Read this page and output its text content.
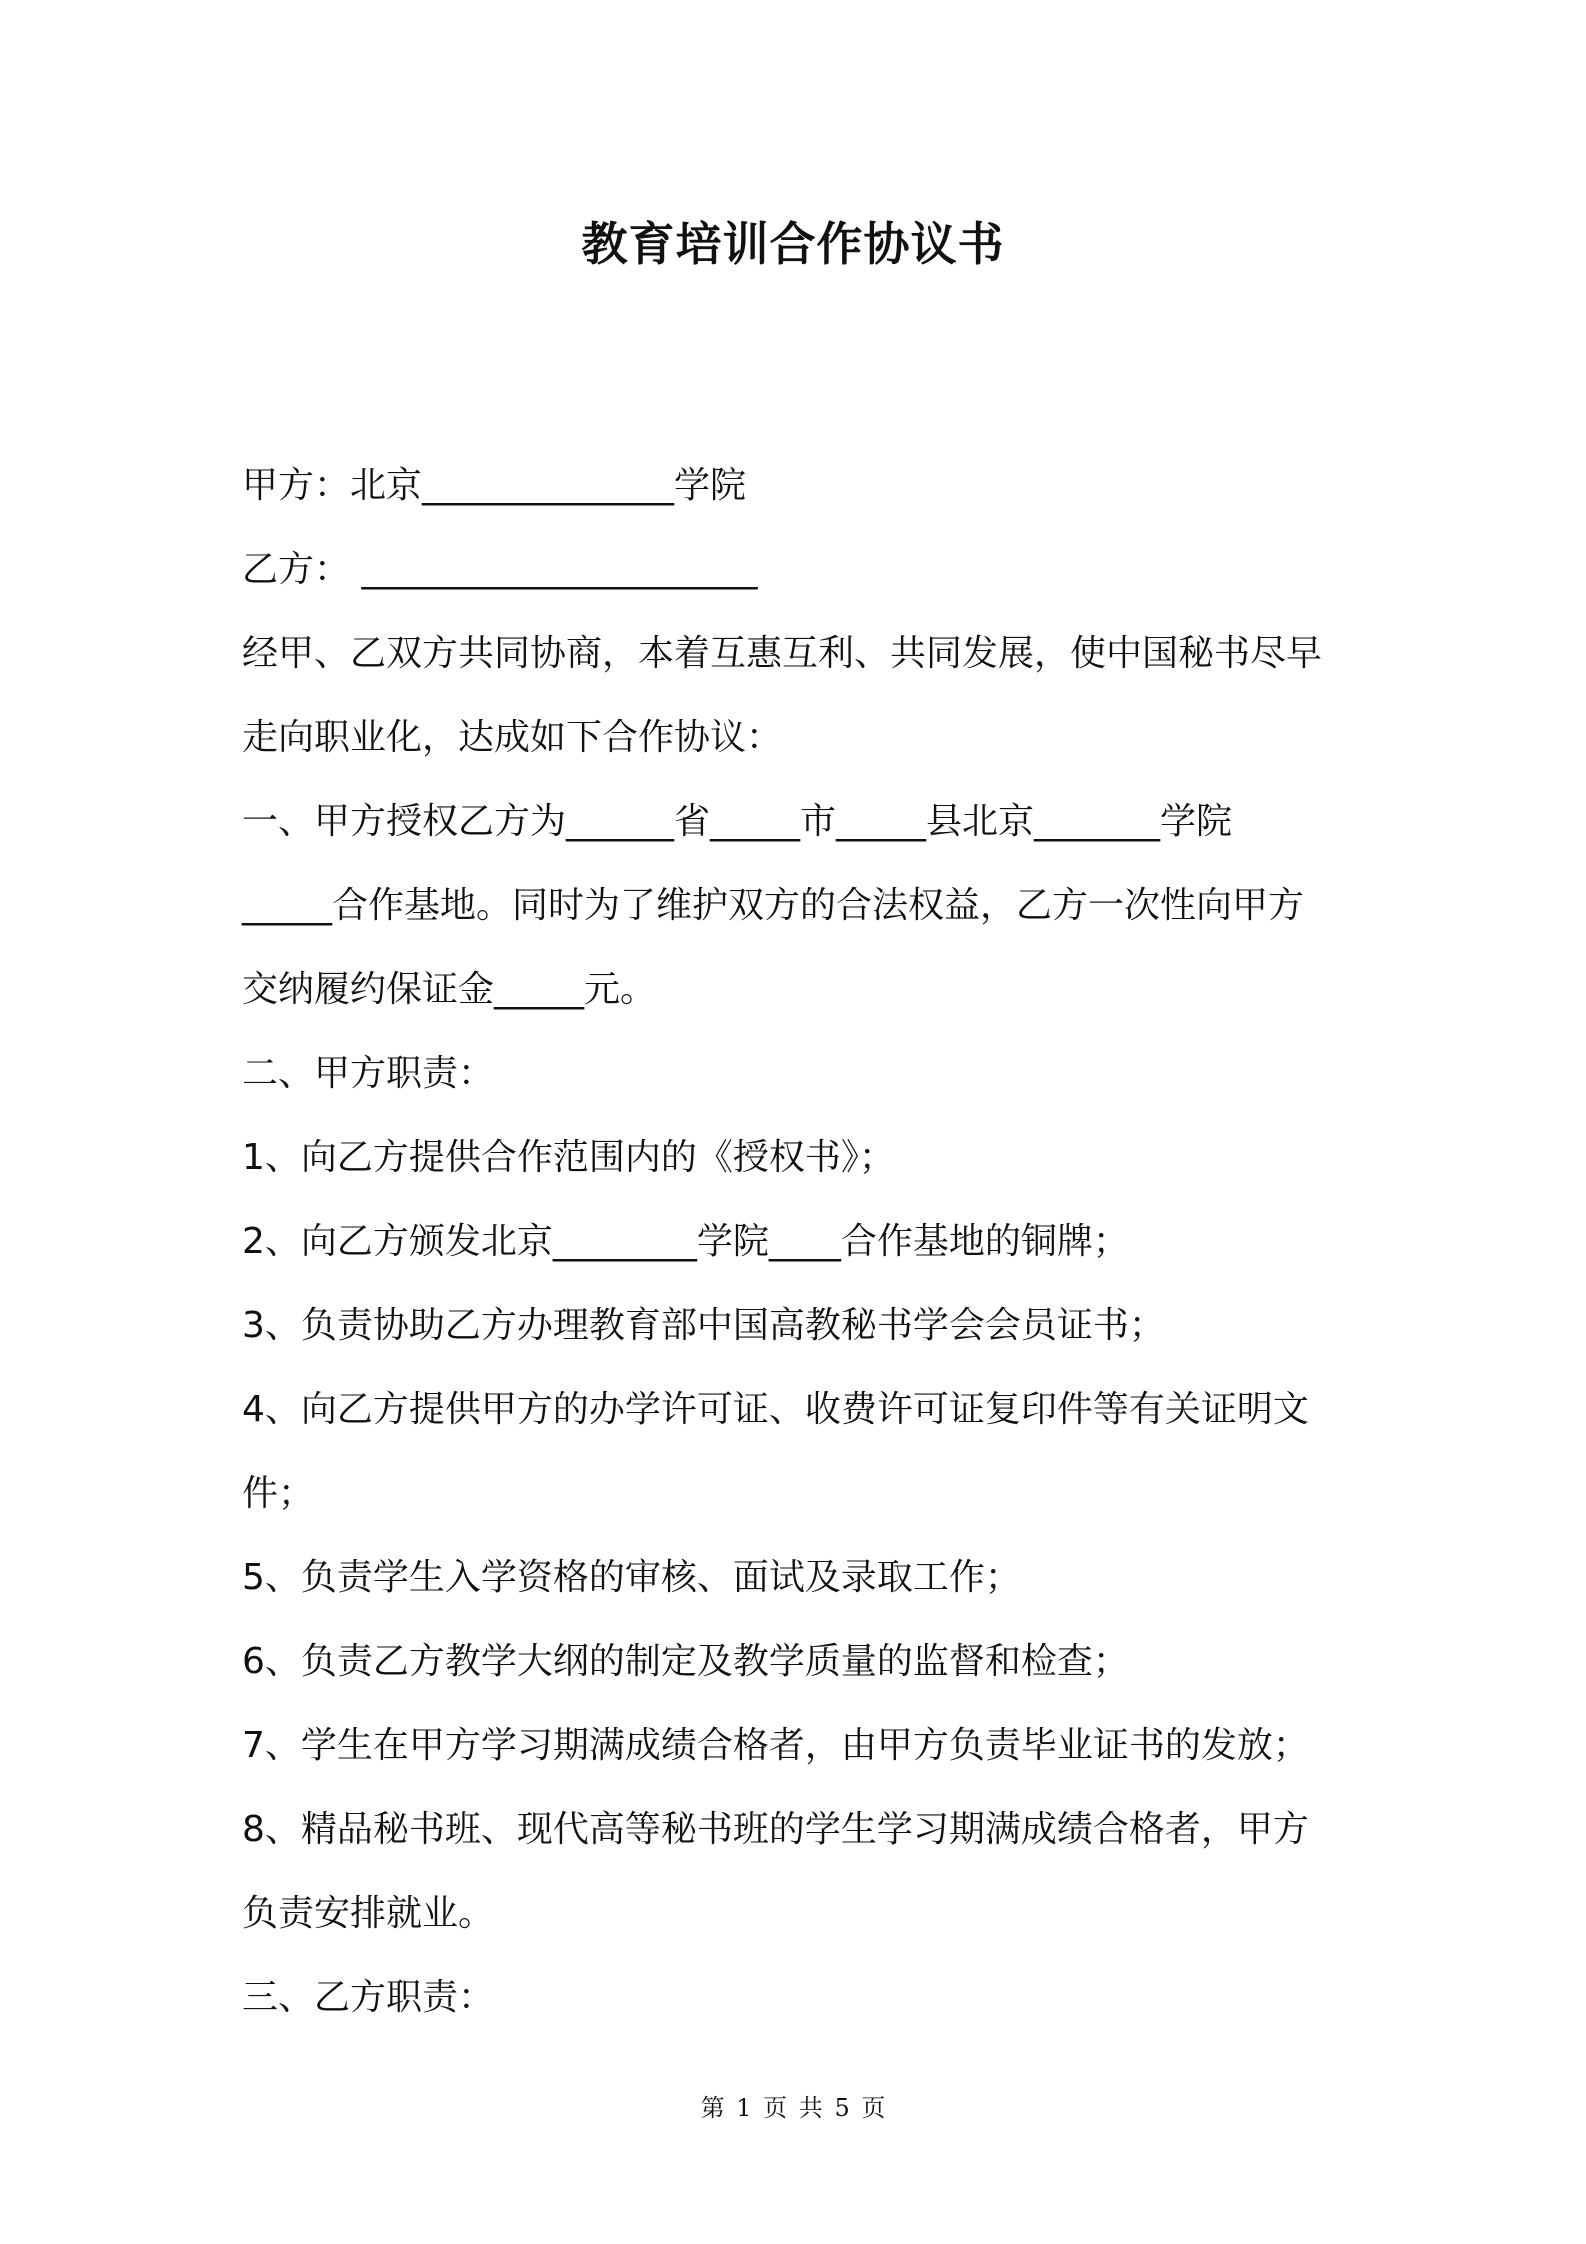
教育培训合作协议书
甲方：北京______________学院
乙方： ______________________
经甲、乙双方共同协商，本着互惠互利、共同发展，使中国秘书尽早
走向职业化，达成如下合作协议：
一、甲方授权乙方为______省_____市_____县北京_______学院
_____合作基地。同时为了维护双方的合法权益，乙方一次性向甲方
交纳履约保证金_____元。
二、甲方职责：
1、向乙方提供合作范围内的《授权书》；
2、向乙方颁发北京________学院____合作基地的铜牌；
3、负责协助乙方办理教育部中国高教秘书学会会员证书；
4、向乙方提供甲方的办学许可证、收费许可证复印件等有关证明文
件；
5、负责学生入学资格的审核、面试及录取工作；
6、负责乙方教学大纲的制定及教学质量的监督和检查；
7、学生在甲方学习期满成绩合格者，由甲方负责毕业证书的发放；
8、精品秘书班、现代高等秘书班的学生学习期满成绩合格者，甲方
负责安排就业。
三、乙方职责：
第 1 页 共 5 页
